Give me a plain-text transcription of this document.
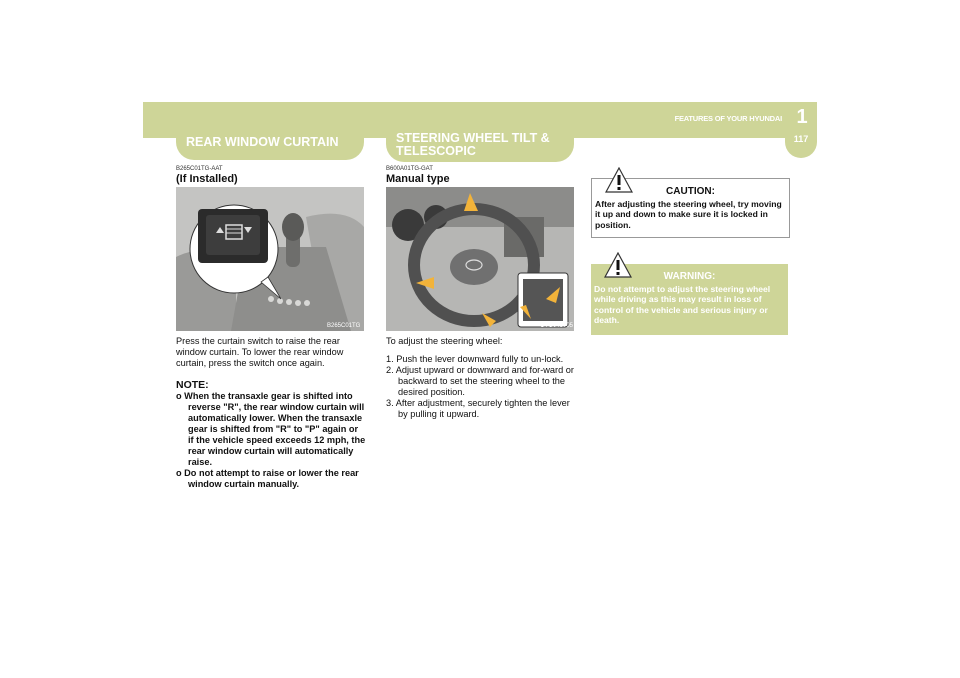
1
117
FEATURES OF YOUR HYUNDAI
REAR WINDOW CURTAIN
B265C01TG-AAT
(If Installed)
B265C01TG
Press the curtain switch to raise the rear window curtain. To lower the rear window curtain, press the switch once again.
NOTE:
o When the transaxle gear is shifted into reverse "R", the rear window curtain will automatically lower. When the transaxle gear is shifted from "R" to "P" again or if the vehicle speed exceeds 12 mph, the rear window curtain will automatically raise.
o Do not attempt to raise or lower the rear window curtain manually.
STEERING WHEEL TILT & TELESCOPIC
B600A01TG-GAT
Manual type
OTG048705
To adjust the steering wheel:
1. Push the lever downward fully to un-lock.
2. Adjust upward or downward and for-ward or backward to set the steering wheel to the desired position.
3. After adjustment, securely tighten the lever by pulling it upward.
CAUTION:
After adjusting the steering wheel, try moving it up and down to make sure it is locked in position.
WARNING:
Do not attempt to adjust the steering wheel while driving as this may result in loss of control of the vehicle and serious injury or death.
